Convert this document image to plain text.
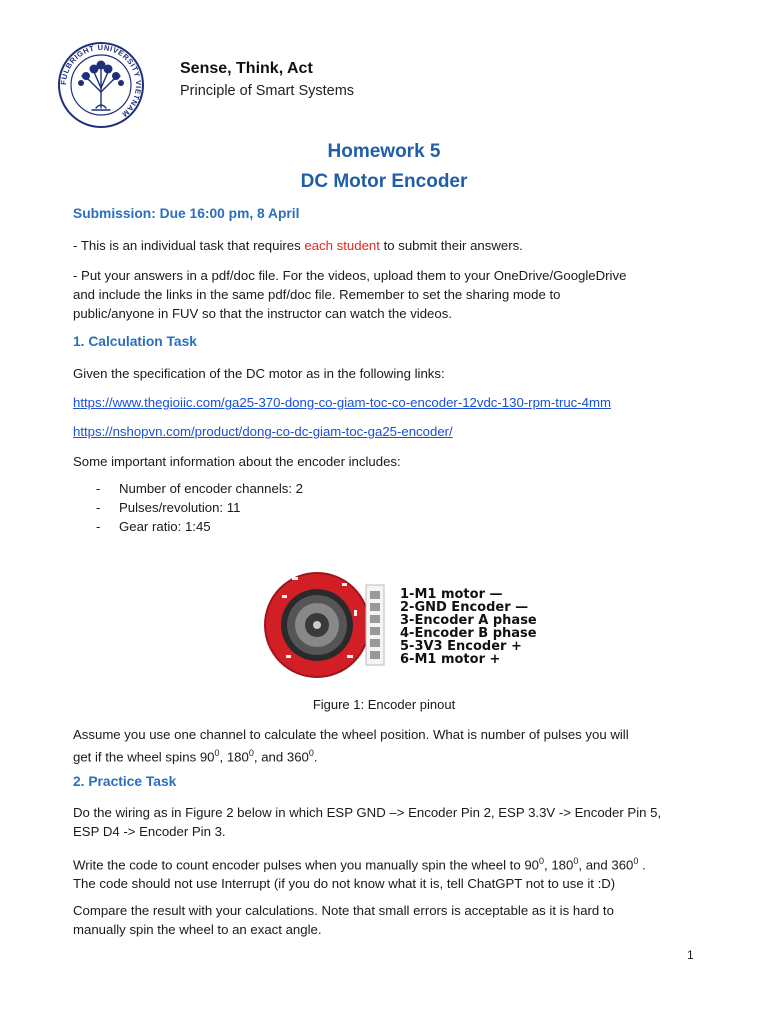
FULBRIGHT UNIVERSITY VIETNAM
Sense, Think, Act
Principle of Smart Systems
Homework 5
DC Motor Encoder
Submission: Due 16:00 pm, 8 April
- This is an individual task that requires each student to submit their answers.
- Put your answers in a pdf/doc file. For the videos, upload them to your OneDrive/GoogleDrive
and include the links in the same pdf/doc file. Remember to set the sharing mode to
public/anyone in FUV so that the instructor can watch the videos.
1. Calculation Task
Given the specification of the DC motor as in the following links:
https://www.thegioiic.com/ga25-370-dong-co-giam-toc-co-encoder-12vdc-130-rpm-truc-4mm
https://nshopvn.com/product/dong-co-dc-giam-toc-ga25-encoder/
Some important information about the encoder includes:
- Number of encoder channels: 2
- Pulses/revolution: 11
- Gear ratio: 1:45
1-M1 motor —
2-GND Encoder —
3-Encoder A phase
4-Encoder B phase
5-3V3 Encoder +
6-M1 motor +
Figure 1: Encoder pinout
Assume you use one channel to calculate the wheel position. What is number of pulses you will
get if the wheel spins $90^0$, $180^0$, and $360^0$.
2. Practice Task
Do the wiring as in Figure 2 below in which ESP GND –> Encoder Pin 2, ESP 3.3V -> Encoder Pin 5,
ESP D4 -> Encoder Pin 3.
Write the code to count encoder pulses when you manually spin the wheel to $90^0$, $180^0$, and $360^0$ .
The code should not use Interrupt (if you do not know what it is, tell ChatGPT not to use it :D)
Compare the result with your calculations. Note that small errors is acceptable as it is hard to
manually spin the wheel to an exact angle.
1
